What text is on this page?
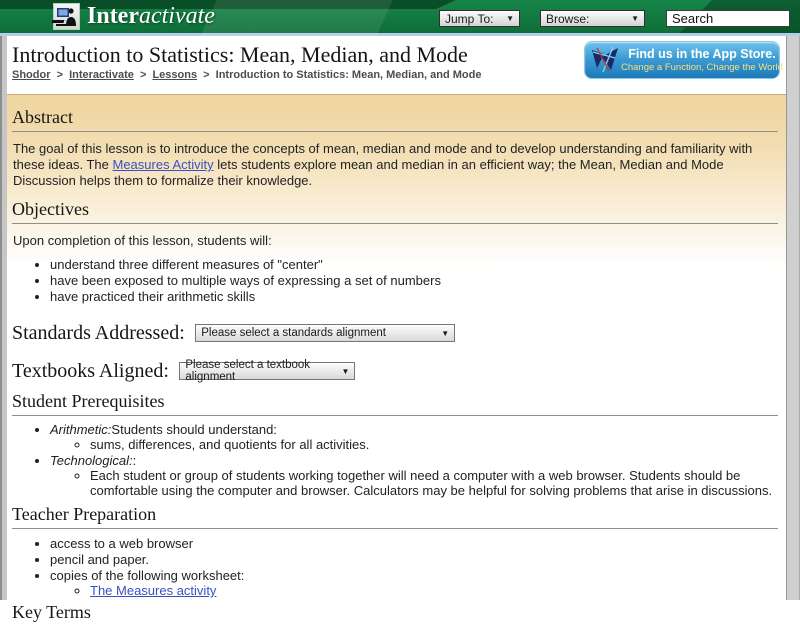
Interactivate	Jump To: ▼	Browse:	▼
Search
Introduction to Statistics: Mean, Median, and Mode
Shodor > Interactivate > Lessons > Introduction to Statistics: Mean, Median, and Mode
Find us in the App Store.
Change a Function, Change the World
Abstract

The goal of this lesson is to introduce the concepts of mean, median and mode and to develop understanding and familiarity with these ideas. The Measures Activity lets students explore mean and median in an efficient way; the Mean, Median and Mode Discussion helps them to formalize their knowledge.

Objectives

Upon completion of this lesson, students will:

• understand three different measures of "center"
• have been exposed to multiple ways of expressing a set of numbers
• have practiced their arithmetic skills
Standards Addressed: Please select a standards alignment	▼
Textbooks Aligned: Please select a textbook alignment	▼
Student Prerequisites
• Arithmetic:Students should understand:
◦ sums, differences, and quotients for all activities.
• Technological::
◦ Each student or group of students working together will need a computer with a web browser. Students should be comfortable using the computer and browser. Calculators may be helpful for solving problems that arise in discussions.
Teacher Preparation
• access to a web browser
• pencil and paper.
• copies of the following worksheet:
◦ The Measures activity
Key Terms
